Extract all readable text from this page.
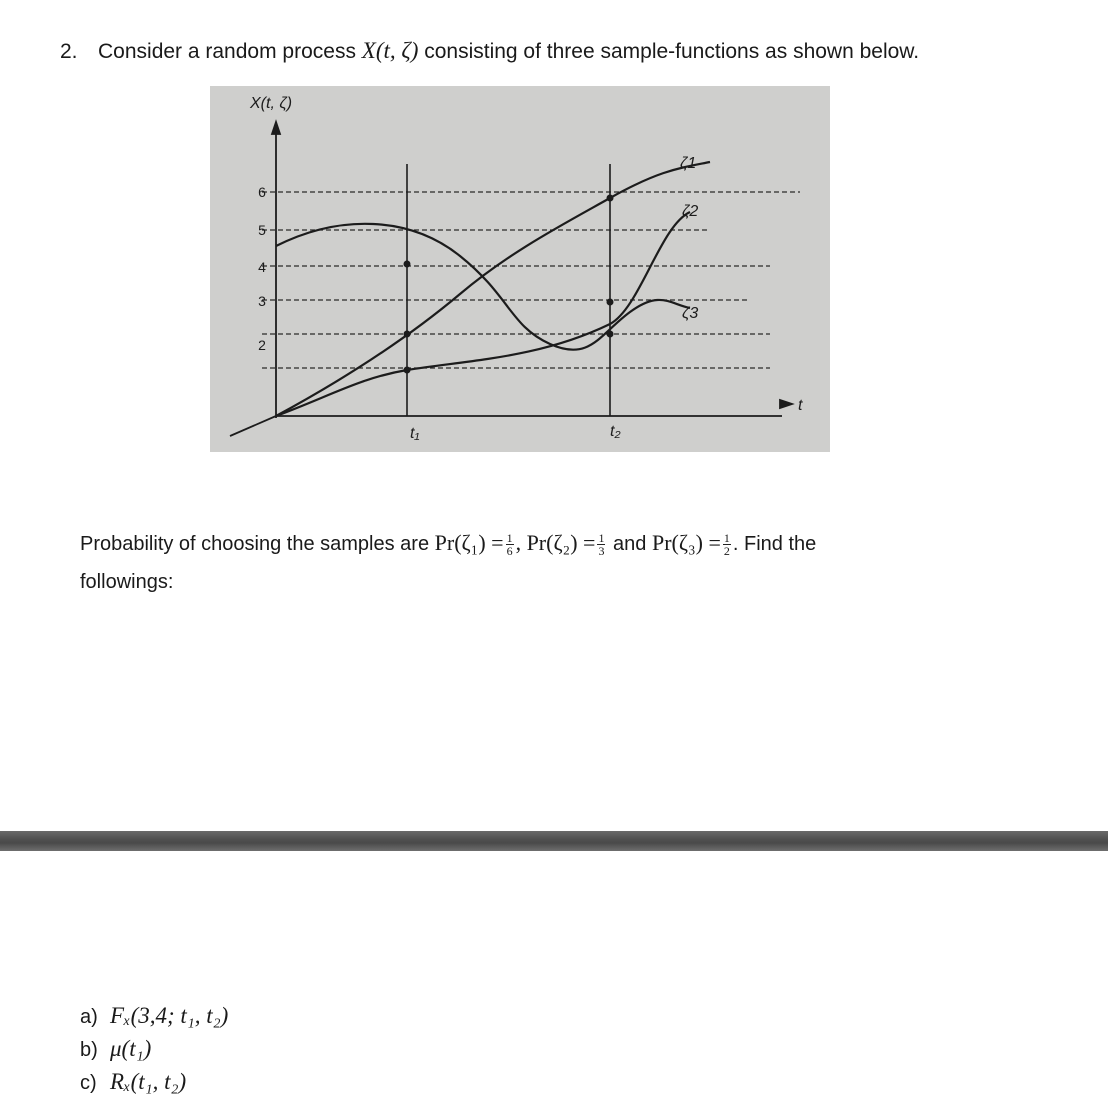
2. Consider a random process X(t, ζ) consisting of three sample-functions as shown below.
6
5
4
3
2
X(t, ζ)
t
t₁	t₂
ζ1
ζ2
ζ3
Probability of choosing the samples are $Pr(\zeta_1) = \frac{1}{6}$ , $Pr(\zeta_2) = \frac{1}{3}$ and $Pr(\zeta_3) = \frac{1}{2}$ . Find the
followings:
a) Fₓ(3,4; t₁, t₂)
b) μ(t₁)
c) Rₓ(t₁, t₂)
